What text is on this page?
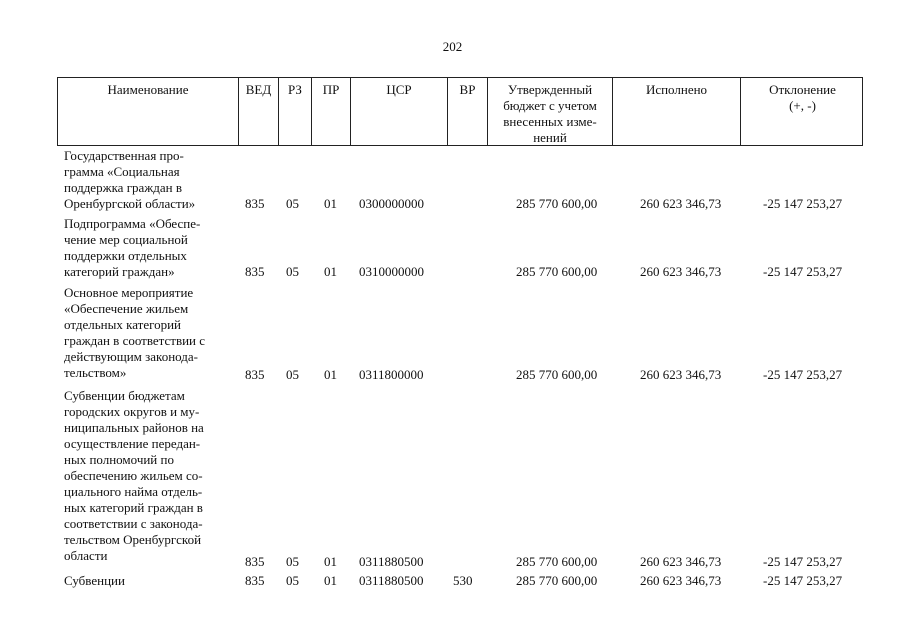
202
Наименование	ВЕД	РЗ	ПР	ЦСР	ВР	Утвержденный
бюджет с учетом
внесенных изме-
нений
Исполнено	Отклонение
(+, -)
Государственная про-
грамма «Социальная
поддержка граждан в
Оренбургской области»	835 05 01 0300000000	285 770 600,00	260 623 346,73	-25 147 253,27
Подпрограмма «Обеспе-
чение мер социальной
поддержки отдельных
категорий граждан»	835 05 01 0310000000	285 770 600,00	260 623 346,73	-25 147 253,27
Основное мероприятие
«Обеспечение жильем
отдельных категорий
граждан в соответствии с
действующим законода-
тельством»	835 05 01 0311800000	285 770 600,00	260 623 346,73	-25 147 253,27
Субвенции бюджетам
городских округов и му-
ниципальных районов на
осуществление передан-
ных полномочий по
обеспечению жильем со-
циального найма отдель-
ных категорий граждан в
соответствии с законода-
тельством Оренбургской
области	835 05 01 0311880500	285 770 600,00	260 623 346,73	-25 147 253,27
Субвенции	835 05 01 0311880500 530	285 770 600,00	260 623 346,73	-25 147 253,27
